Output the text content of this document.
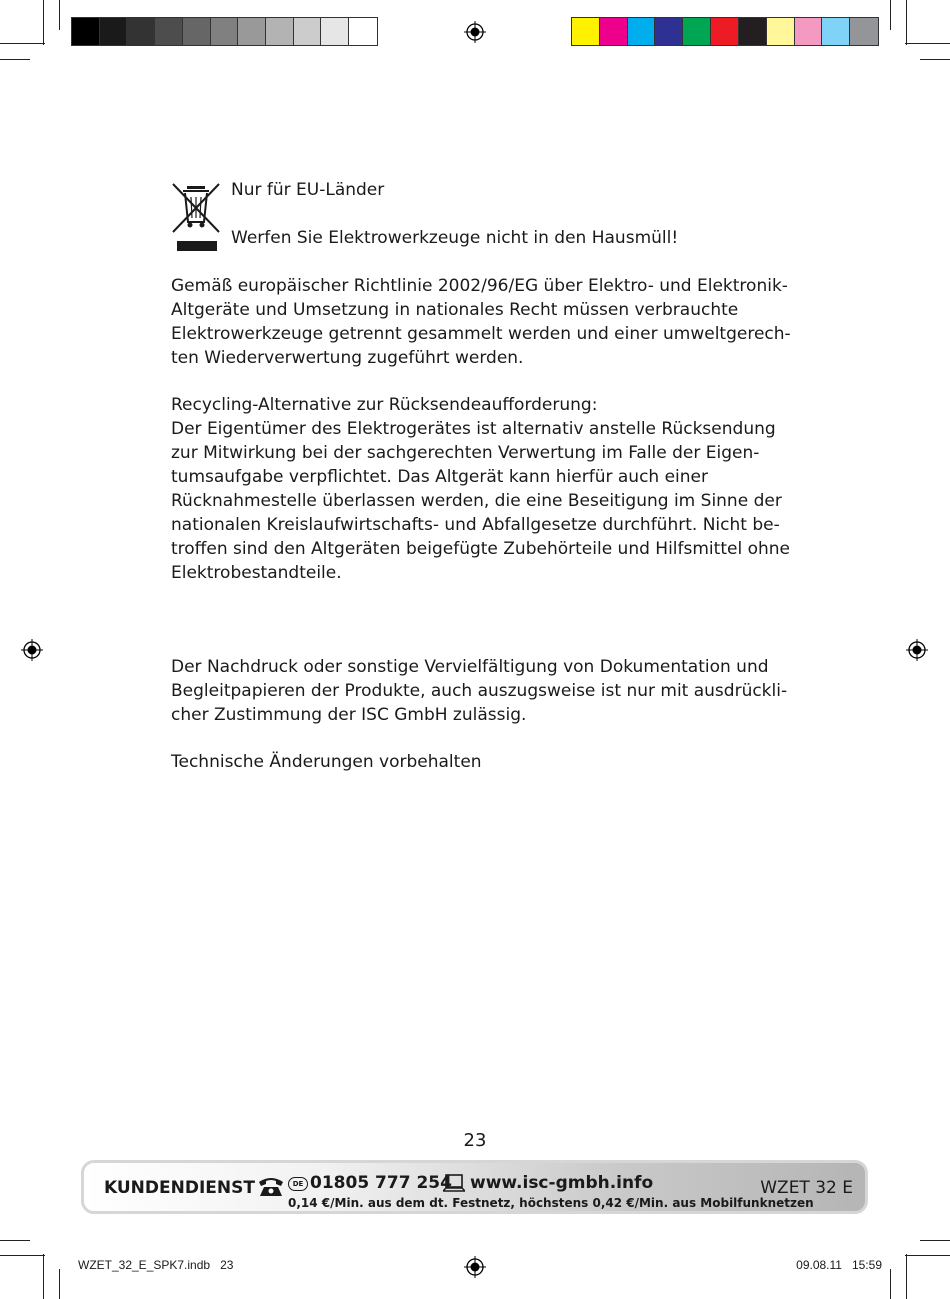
Nur für EU-Länder

Werfen Sie Elektrowerkzeuge nicht in den Hausmüll!

Gemäß europäischer Richtlinie 2002/96/EG über Elektro- und Elektronik-

Altgeräte und Umsetzung in nationales Recht müssen verbrauchte

Elektrowerkzeuge getrennt gesammelt werden und einer umweltgerech-

ten Wiederverwertung zugeführt werden.

Recycling-Alternative zur Rücksendeaufforderung:

Der Eigentümer des Elektrogerätes ist alternativ anstelle Rücksendung

zur Mitwirkung bei der sachgerechten Verwertung im Falle der Eigen-

tumsaufgabe verpflichtet. Das Altgerät kann hierfür auch einer

Rücknahmestelle überlassen werden, die eine Beseitigung im Sinne der

nationalen Kreislaufwirtschafts- und Abfallgesetze durchführt. Nicht be-

troffen sind den Altgeräten beigefügte Zubehörteile und Hilfsmittel ohne

Elektrobestandteile.

Der Nachdruck oder sonstige Vervielfältigung von Dokumentation und

Begleitpapieren der Produkte, auch auszugsweise ist nur mit ausdrückli-

cher Zustimmung der ISC GmbH zulässig.

Technische Änderungen vorbehalten

23
KUNDENDIENST	DE 01805 777 254 www.isc-gmbh.info
0,14 €/Min. aus dem dt. Festnetz, höchstens 0,42 €/Min. aus Mobilfunknetzen
WZET 32 E
WZET_32_E_SPK7.indb   23	09.08.11   15:59
